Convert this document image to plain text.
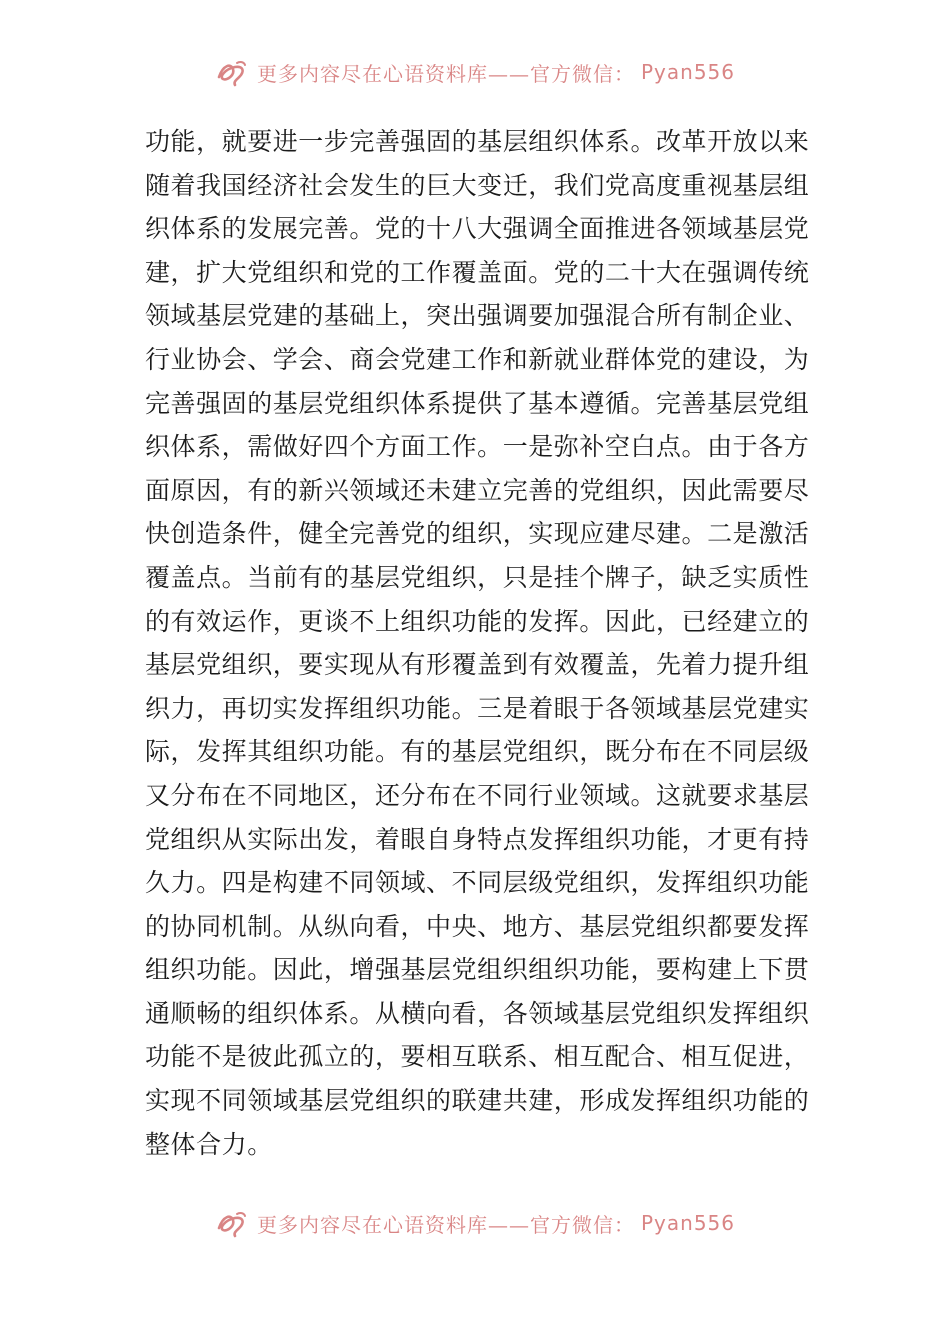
更多内容尽在心语资料库——官方微信： Pyan556
功能，就要进一步完善强固的基层组织体系。改革开放以来
随着我国经济社会发生的巨大变迁，我们党高度重视基层组
织体系的发展完善。党的十八大强调全面推进各领域基层党
建，扩大党组织和党的工作覆盖面。党的二十大在强调传统
领域基层党建的基础上，突出强调要加强混合所有制企业、
行业协会、学会、商会党建工作和新就业群体党的建设，为
完善强固的基层党组织体系提供了基本遵循。完善基层党组
织体系，需做好四个方面工作。一是弥补空白点。由于各方
面原因，有的新兴领域还未建立完善的党组织，因此需要尽
快创造条件，健全完善党的组织，实现应建尽建。二是激活
覆盖点。当前有的基层党组织，只是挂个牌子，缺乏实质性
的有效运作，更谈不上组织功能的发挥。因此，已经建立的
基层党组织，要实现从有形覆盖到有效覆盖，先着力提升组
织力，再切实发挥组织功能。三是着眼于各领域基层党建实
际，发挥其组织功能。有的基层党组织，既分布在不同层级
又分布在不同地区，还分布在不同行业领域。这就要求基层
党组织从实际出发，着眼自身特点发挥组织功能，才更有持
久力。四是构建不同领域、不同层级党组织，发挥组织功能
的协同机制。从纵向看，中央、地方、基层党组织都要发挥
组织功能。因此，增强基层党组织组织功能，要构建上下贯
通顺畅的组织体系。从横向看，各领域基层党组织发挥组织
功能不是彼此孤立的，要相互联系、相互配合、相互促进，
实现不同领域基层党组织的联建共建，形成发挥组织功能的
整体合力。
更多内容尽在心语资料库——官方微信： Pyan556
